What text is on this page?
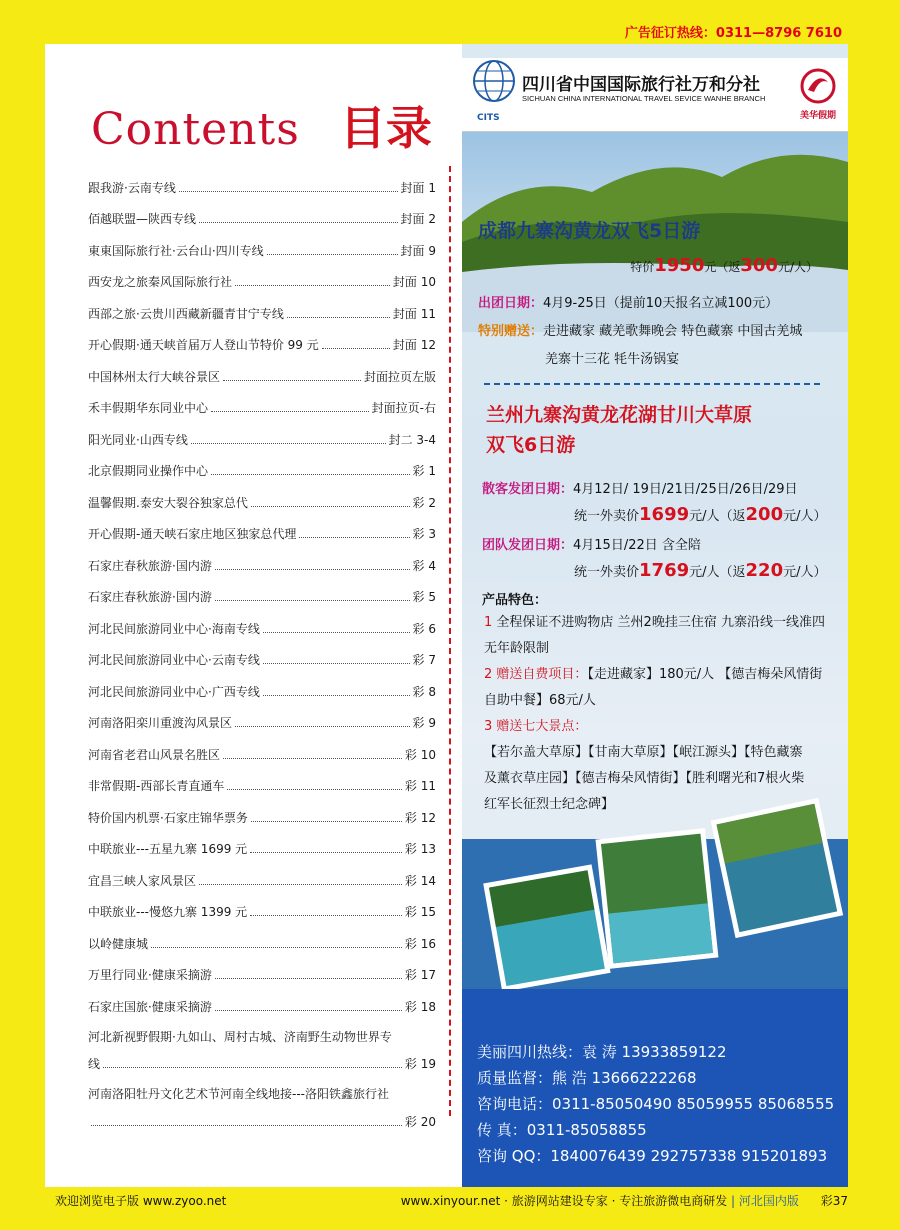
广告征订热线：0311—8796 7610
Contents 目录
跟我游·云南专线	封面 1
佰越联盟—陕西专线	封面 2
東東国际旅行社·云台山·四川专线	封面 9
西安龙之旅秦风国际旅行社	封面 10
西部之旅·云贵川西藏新疆青甘宁专线	封面 11
开心假期·通天峡首届万人登山节特价 99 元	封面 12
中国林州太行大峡谷景区	封面拉页左版
禾丰假期华东同业中心	封面拉页-右
阳光同业·山西专线	封二 3-4
北京假期同业操作中心	彩 1
温馨假期.泰安大裂谷独家总代	彩 2
开心假期-通天峡石家庄地区独家总代理	彩 3
石家庄春秋旅游·国内游	彩 4
石家庄春秋旅游·国内游	彩 5
河北民间旅游同业中心·海南专线	彩 6
河北民间旅游同业中心·云南专线	彩 7
河北民间旅游同业中心·广西专线	彩 8
河南洛阳栾川重渡沟风景区	彩 9
河南省老君山风景名胜区	彩 10
非常假期-西部长青直通车	彩 11
特价国内机票·石家庄锦华票务	彩 12
中联旅业---五星九寨 1699 元	彩 13
宜昌三峡人家风景区	彩 14
中联旅业---慢悠九寨 1399 元	彩 15
以岭健康城	彩 16
万里行同业·健康采摘游	彩 17
石家庄国旅·健康采摘游	彩 18
河北新视野假期·九如山、周村古城、济南野生动物世界专
线	彩 19
河南洛阳牡丹文化艺术节河南全线地接---洛阳铁鑫旅行社
彩 20
CITS
四川省中国国际旅行社万和分社
SICHUAN CHINA INTERNATIONAL TRAVEL SEVICE WANHE BRANCH
美华假期
成都九寨沟黄龙双飞5日游
特价1950元（返300元/人）
出团日期：4月9-25日（提前10天报名立减100元）
特别赠送：走进藏家 藏羌歌舞晚会 特色藏寨 中国古羌城
羌寨十三花 牦牛汤锅宴
兰州九寨沟黄龙花湖甘川大草原
双飞6日游
散客发团日期：4月12日/ 19日/21日/25日/26日/29日
统一外卖价1699元/人（返200元/人）
团队发团日期：4月15日/22日 含全陪
统一外卖价1769元/人（返220元/人）
产品特色：
1 全程保证不进购物店 兰州2晚挂三住宿 九寨沿线一线准四
无年龄限制
2 赠送自费项目：【走进藏家】180元/人 【德吉梅朵风情街
自助中餐】68元/人
3 赠送七大景点：
【若尔盖大草原】【甘南大草原】【岷江源头】【特色藏寨
及薰衣草庄园】【德吉梅朵风情街】【胜利曙光和7根火柴
红军长征烈士纪念碑】
美丽四川热线：袁 涛 13933859122
质量监督：熊 浩 13666222268
咨询电话：0311-85050490 85059955 85068555
传 真：0311-85058855
咨询 QQ：1840076439 292757338 915201893
欢迎浏览电子版 www.zyoo.net	www.xinyour.net · 旅游网站建设专家 · 专注旅游微电商研发 | 河北国内版 彩37
